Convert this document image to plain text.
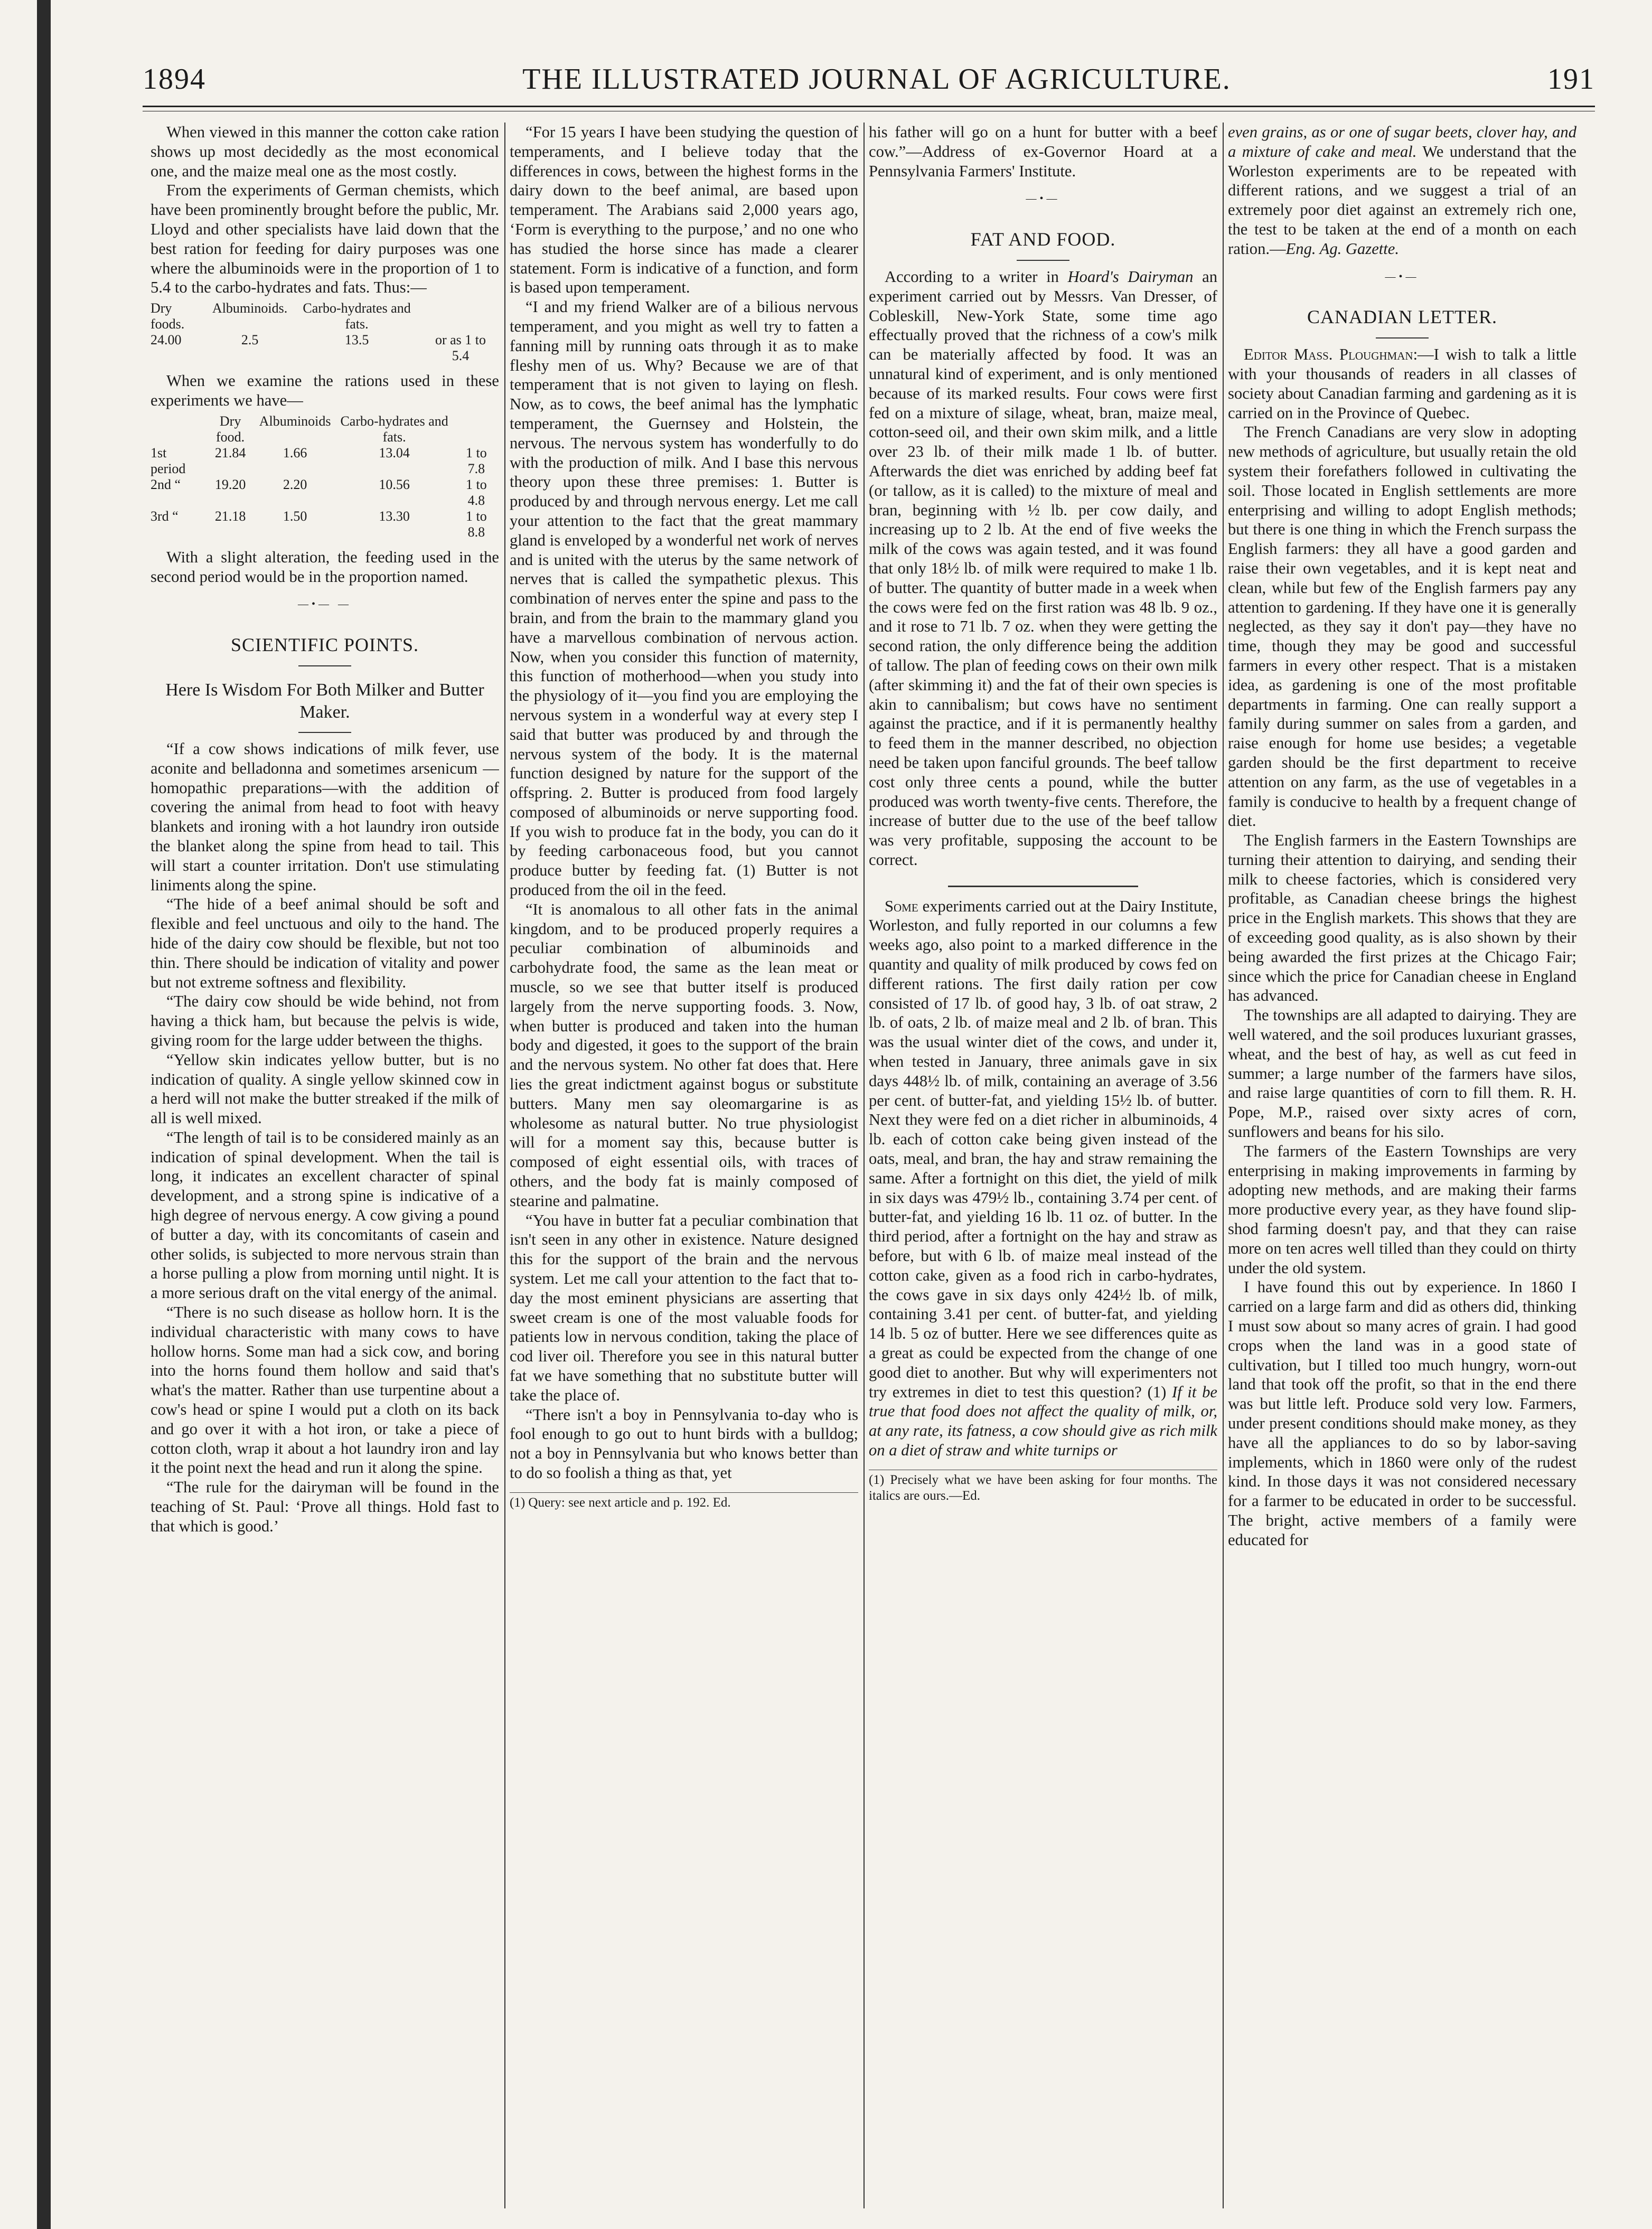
1894	THE ILLUSTRATED JOURNAL OF AGRICULTURE.	191

When viewed in this manner the cotton cake ration shows up most decidedly as the most economical one, and the maize meal one as the most costly.

From the experiments of German chemists, which have been prominently brought before the public, Mr. Lloyd and other specialists have laid down that the best ration for feeding for dairy purposes was one where the albuminoids were in the proportion of 1 to 5.4 to the carbo-hydrates and fats. Thus:—

Dry foods.	Albuminoids.	Carbo-hydrates and fats.	
24.00	2.5	13.5	or as 1 to 5.4

When we examine the rations used in these experiments we have—

	Dry food.	Albuminoids	Carbo-hydrates and fats.	
1st period	21.84	1.66	13.04	1 to 7.8
2nd “	19.20	2.20	10.56	1 to 4.8
3rd “	21.18	1.50	13.30	1 to 8.8

With a slight alteration, the feeding used in the second period would be in the proportion named.

—•— —
SCIENTIFIC POINTS.
Here Is Wisdom For Both Milker and Butter Maker.

“If a cow shows indications of milk fever, use aconite and belladonna and sometimes arsenicum — homopathic preparations—with the addition of covering the animal from head to foot with heavy blankets and ironing with a hot laundry iron outside the blanket along the spine from head to tail. This will start a counter irritation. Don't use stimulating liniments along the spine.

“The hide of a beef animal should be soft and flexible and feel unctuous and oily to the hand. The hide of the dairy cow should be flexible, but not too thin. There should be indication of vitality and power but not extreme softness and flexibility.

“The dairy cow should be wide behind, not from having a thick ham, but because the pelvis is wide, giving room for the large udder between the thighs.

“Yellow skin indicates yellow butter, but is no indication of quality. A single yellow skinned cow in a herd will not make the butter streaked if the milk of all is well mixed.

“The length of tail is to be considered mainly as an indication of spinal development. When the tail is long, it indicates an excellent character of spinal development, and a strong spine is indicative of a high degree of nervous energy. A cow giving a pound of butter a day, with its concomitants of casein and other solids, is subjected to more nervous strain than a horse pulling a plow from morning until night. It is a more serious draft on the vital energy of the animal.

“There is no such disease as hollow horn. It is the individual characteristic with many cows to have hollow horns. Some man had a sick cow, and boring into the horns found them hollow and said that's what's the matter. Rather than use turpentine about a cow's head or spine I would put a cloth on its back and go over it with a hot iron, or take a piece of cotton cloth, wrap it about a hot laundry iron and lay it the point next the head and run it along the spine.

“The rule for the dairyman will be found in the teaching of St. Paul: ‘Prove all things. Hold fast to that which is good.’

“For 15 years I have been studying the question of temperaments, and I believe today that the differences in cows, between the highest forms in the dairy down to the beef animal, are based upon temperament. The Arabians said 2,000 years ago, ‘Form is everything to the purpose,’ and no one who has studied the horse since has made a clearer statement. Form is indicative of a function, and form is based upon temperament.

“I and my friend Walker are of a bilious nervous temperament, and you might as well try to fatten a fanning mill by running oats through it as to make fleshy men of us. Why? Because we are of that temperament that is not given to laying on flesh. Now, as to cows, the beef animal has the lymphatic temperament, the Guernsey and Holstein, the nervous. The nervous system has wonderfully to do with the production of milk. And I base this nervous theory upon these three premises: 1. Butter is produced by and through nervous energy. Let me call your attention to the fact that the great mammary gland is enveloped by a wonderful net work of nerves and is united with the uterus by the same network of nerves that is called the sympathetic plexus. This combination of nerves enter the spine and pass to the brain, and from the brain to the mammary gland you have a marvellous combination of nervous action. Now, when you consider this function of maternity, this function of motherhood—when you study into the physiology of it—you find you are employing the nervous system in a wonderful way at every step I said that butter was produced by and through the nervous system of the body. It is the maternal function designed by nature for the support of the offspring. 2. Butter is produced from food largely composed of albuminoids or nerve supporting food. If you wish to produce fat in the body, you can do it by feeding carbonaceous food, but you cannot produce butter by feeding fat. (1) Butter is not produced from the oil in the feed.

“It is anomalous to all other fats in the animal kingdom, and to be produced properly requires a peculiar combination of albuminoids and carbohydrate food, the same as the lean meat or muscle, so we see that butter itself is produced largely from the nerve supporting foods. 3. Now, when butter is produced and taken into the human body and digested, it goes to the support of the brain and the nervous system. No other fat does that. Here lies the great indictment against bogus or substitute butters. Many men say oleomargarine is as wholesome as natural butter. No true physiologist will for a moment say this, because butter is composed of eight essential oils, with traces of others, and the body fat is mainly composed of stearine and palmatine.

“You have in butter fat a peculiar combination that isn't seen in any other in existence. Nature designed this for the support of the brain and the nervous system. Let me call your attention to the fact that to-day the most eminent physicians are asserting that sweet cream is one of the most valuable foods for patients low in nervous condition, taking the place of cod liver oil. Therefore you see in this natural butter fat we have something that no substitute butter will take the place of.

“There isn't a boy in Pennsylvania to-day who is fool enough to go out to hunt birds with a bulldog; not a boy in Pennsylvania but who knows better than to do so foolish a thing as that, yet

(1) Query: see next article and p. 192. Ed.

his father will go on a hunt for butter with a beef cow.”—Address of ex-Governor Hoard at a Pennsylvania Farmers' Institute.

—•—
FAT AND FOOD.

According to a writer in Hoard's Dairyman an experiment carried out by Messrs. Van Dresser, of Cobleskill, New-York State, some time ago effectually proved that the richness of a cow's milk can be materially affected by food. It was an unnatural kind of experiment, and is only mentioned because of its marked results. Four cows were first fed on a mixture of silage, wheat, bran, maize meal, cotton-seed oil, and their own skim milk, and a little over 23 lb. of their milk made 1 lb. of butter. Afterwards the diet was enriched by adding beef fat (or tallow, as it is called) to the mixture of meal and bran, beginning with ½ lb. per cow daily, and increasing up to 2 lb. At the end of five weeks the milk of the cows was again tested, and it was found that only 18½ lb. of milk were required to make 1 lb. of butter. The quantity of butter made in a week when the cows were fed on the first ration was 48 lb. 9 oz., and it rose to 71 lb. 7 oz. when they were getting the second ration, the only difference being the addition of tallow. The plan of feeding cows on their own milk (after skimming it) and the fat of their own species is akin to cannibalism; but cows have no sentiment against the practice, and if it is permanently healthy to feed them in the manner described, no objection need be taken upon fanciful grounds. The beef tallow cost only three cents a pound, while the butter produced was worth twenty-five cents. Therefore, the increase of butter due to the use of the beef tallow was very profitable, supposing the account to be correct.

Some experiments carried out at the Dairy Institute, Worleston, and fully reported in our columns a few weeks ago, also point to a marked difference in the quantity and quality of milk produced by cows fed on different rations. The first daily ration per cow consisted of 17 lb. of good hay, 3 lb. of oat straw, 2 lb. of oats, 2 lb. of maize meal and 2 lb. of bran. This was the usual winter diet of the cows, and under it, when tested in January, three animals gave in six days 448½ lb. of milk, containing an average of 3.56 per cent. of butter-fat, and yielding 15½ lb. of butter. Next they were fed on a diet richer in albuminoids, 4 lb. each of cotton cake being given instead of the oats, meal, and bran, the hay and straw remaining the same. After a fortnight on this diet, the yield of milk in six days was 479½ lb., containing 3.74 per cent. of butter-fat, and yielding 16 lb. 11 oz. of butter. In the third period, after a fortnight on the hay and straw as before, but with 6 lb. of maize meal instead of the cotton cake, given as a food rich in carbo-hydrates, the cows gave in six days only 424½ lb. of milk, containing 3.41 per cent. of butter-fat, and yielding 14 lb. 5 oz of butter. Here we see differences quite as a great as could be expected from the change of one good diet to another. But why will experimenters not try extremes in diet to test this question? (1) If it be true that food does not affect the quality of milk, or, at any rate, its fatness, a cow should give as rich milk on a diet of straw and white turnips or

(1) Precisely what we have been asking for four months. The italics are ours.—Ed.

even grains, as or one of sugar beets, clover hay, and a mixture of cake and meal. We understand that the Worleston experiments are to be repeated with different rations, and we suggest a trial of an extremely poor diet against an extremely rich one, the test to be taken at the end of a month on each ration.—Eng. Ag. Gazette.

—•—
CANADIAN LETTER.

Editor Mass. Ploughman:—I wish to talk a little with your thousands of readers in all classes of society about Canadian farming and gardening as it is carried on in the Province of Quebec.

The French Canadians are very slow in adopting new methods of agriculture, but usually retain the old system their forefathers followed in cultivating the soil. Those located in English settlements are more enterprising and willing to adopt English methods; but there is one thing in which the French surpass the English farmers: they all have a good garden and raise their own vegetables, and it is kept neat and clean, while but few of the English farmers pay any attention to gardening. If they have one it is generally neglected, as they say it don't pay—they have no time, though they may be good and successful farmers in every other respect. That is a mistaken idea, as gardening is one of the most profitable departments in farming. One can really support a family during summer on sales from a garden, and raise enough for home use besides; a vegetable garden should be the first department to receive attention on any farm, as the use of vegetables in a family is conducive to health by a frequent change of diet.

The English farmers in the Eastern Townships are turning their attention to dairying, and sending their milk to cheese factories, which is considered very profitable, as Canadian cheese brings the highest price in the English markets. This shows that they are of exceeding good quality, as is also shown by their being awarded the first prizes at the Chicago Fair; since which the price for Canadian cheese in England has advanced.

The townships are all adapted to dairying. They are well watered, and the soil produces luxuriant grasses, wheat, and the best of hay, as well as cut feed in summer; a large number of the farmers have silos, and raise large quantities of corn to fill them. R. H. Pope, M.P., raised over sixty acres of corn, sunflowers and beans for his silo.

The farmers of the Eastern Townships are very enterprising in making improvements in farming by adopting new methods, and are making their farms more productive every year, as they have found slip-shod farming doesn't pay, and that they can raise more on ten acres well tilled than they could on thirty under the old system.

I have found this out by experience. In 1860 I carried on a large farm and did as others did, thinking I must sow about so many acres of grain. I had good crops when the land was in a good state of cultivation, but I tilled too much hungry, worn-out land that took off the profit, so that in the end there was but little left. Produce sold very low. Farmers, under present conditions should make money, as they have all the appliances to do so by labor-saving implements, which in 1860 were only of the rudest kind. In those days it was not considered necessary for a farmer to be educated in order to be successful. The bright, active members of a family were educated for
